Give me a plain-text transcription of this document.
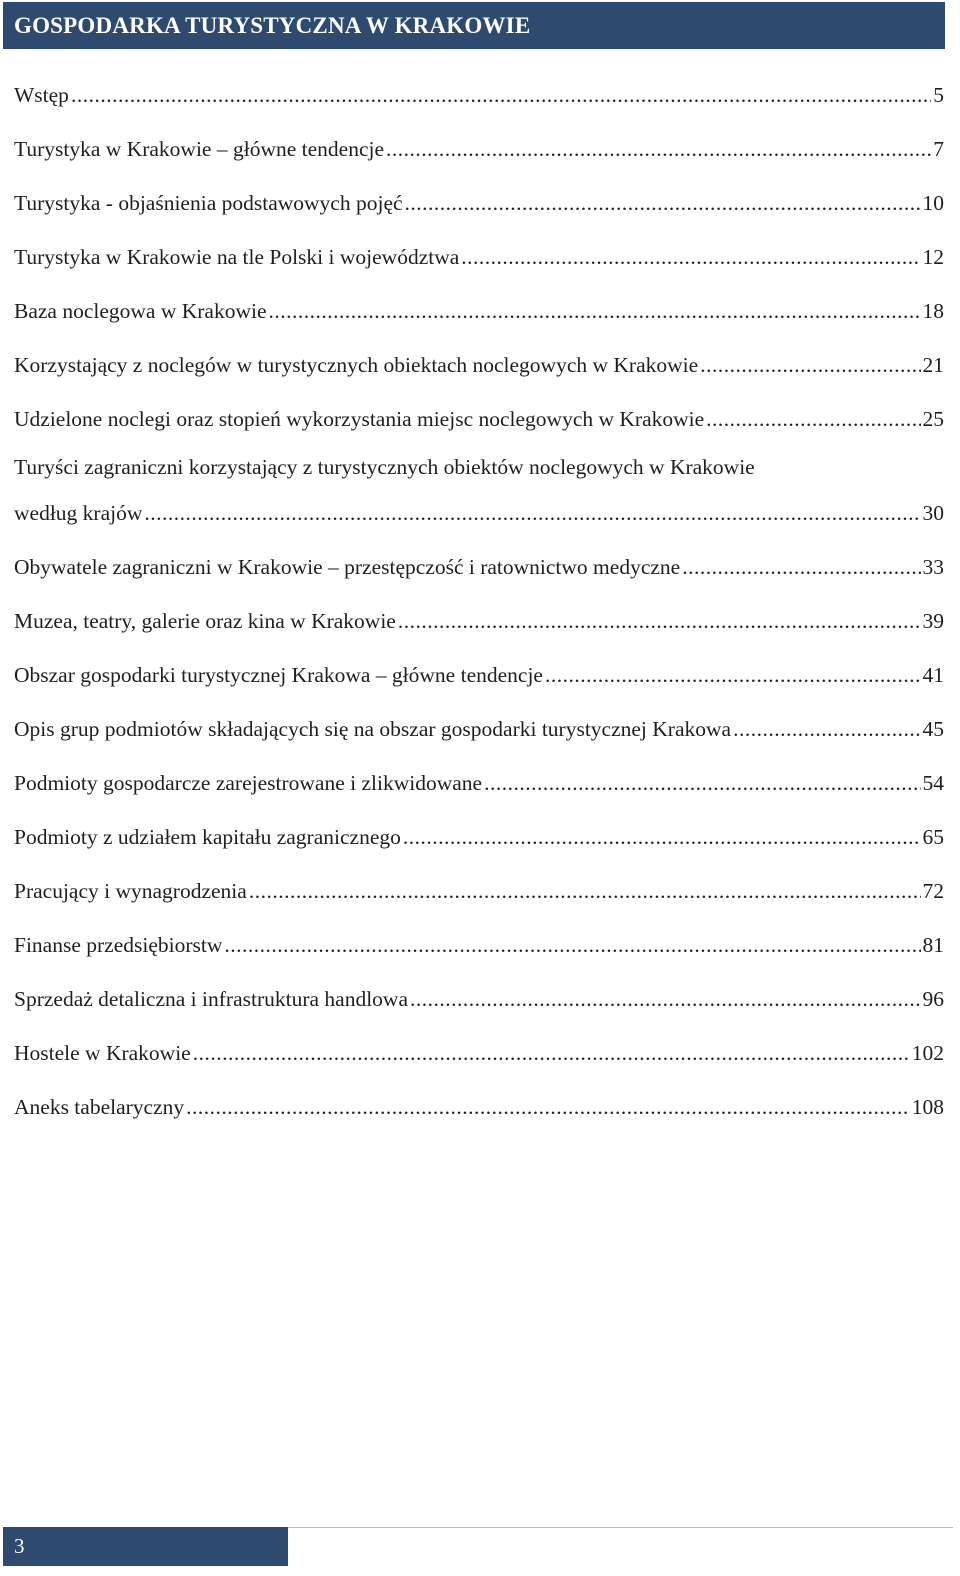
GOSPODARKA TURYSTYCZNA W KRAKOWIE
Wstęp .....	5
Turystyka w Krakowie – główne tendencje .....	7
Turystyka - objaśnienia podstawowych pojęć .....	10
Turystyka w Krakowie na tle Polski i województwa .....	12
Baza noclegowa w Krakowie .....	18
Korzystający z noclegów w turystycznych obiektach noclegowych w Krakowie .....	21
Udzielone noclegi oraz stopień wykorzystania miejsc noclegowych w Krakowie .....	25
Turyści zagraniczni korzystający z turystycznych obiektów noclegowych w Krakowie
według krajów .....	30
Obywatele zagraniczni w Krakowie – przestępczość i ratownictwo medyczne .....	33
Muzea, teatry, galerie oraz kina w Krakowie .....	39
Obszar gospodarki turystycznej Krakowa – główne tendencje .....	41
Opis grup podmiotów składających się na obszar gospodarki turystycznej Krakowa .....	45
Podmioty gospodarcze zarejestrowane i zlikwidowane .....	54
Podmioty z udziałem kapitału zagranicznego .....	65
Pracujący i wynagrodzenia .....	72
Finanse przedsiębiorstw .....	81
Sprzedaż detaliczna i infrastruktura handlowa .....	96
Hostele w Krakowie .....	102
Aneks tabelaryczny .....	108
3
